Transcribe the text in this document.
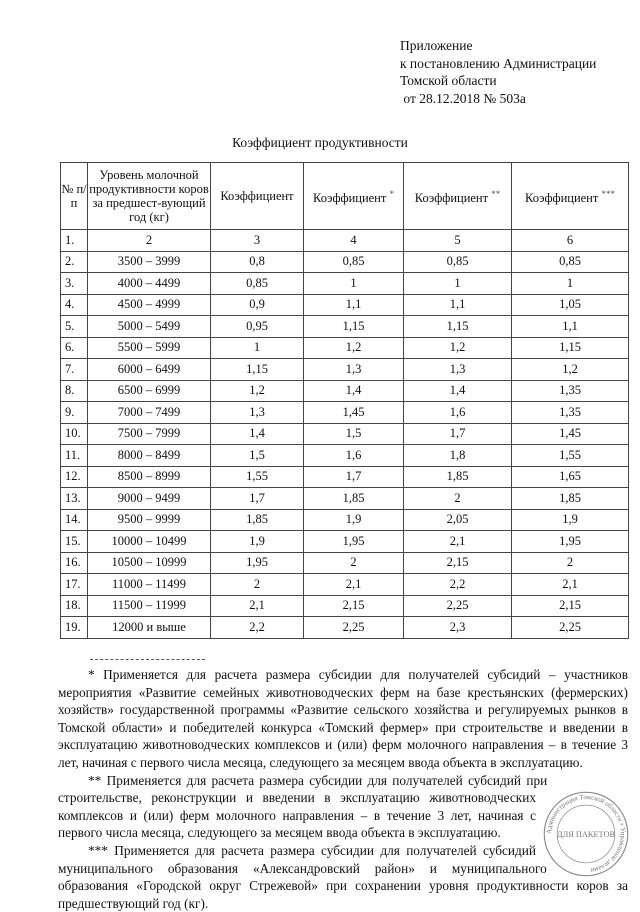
Приложение
к постановлению Администрации
Томской области
от 28.12.2018 № 503а
Коэффициент продуктивности
№ п/п	Уровень молочной продуктивности коров за предшест-вующий год (кг)	Коэффициент	Коэффициент *	Коэффициент **	Коэффициент ***
1.	2	3	4	5	6
2.	3500 – 3999	0,8	0,85	0,85	0,85
3.	4000 – 4499	0,85	1	1	1
4.	4500 – 4999	0,9	1,1	1,1	1,05
5.	5000 – 5499	0,95	1,15	1,15	1,1
6.	5500 – 5999	1	1,2	1,2	1,15
7.	6000 – 6499	1,15	1,3	1,3	1,2
8.	6500 – 6999	1,2	1,4	1,4	1,35
9.	7000 – 7499	1,3	1,45	1,6	1,35
10.	7500 – 7999	1,4	1,5	1,7	1,45
11.	8000 – 8499	1,5	1,6	1,8	1,55
12.	8500 – 8999	1,55	1,7	1,85	1,65
13.	9000 – 9499	1,7	1,85	2	1,85
14.	9500 – 9999	1,85	1,9	2,05	1,9
15.	10000 – 10499	1,9	1,95	2,1	1,95
16.	10500 – 10999	1,95	2	2,15	2
17.	11000 – 11499	2	2,1	2,2	2,1
18.	11500 – 11999	2,1	2,15	2,25	2,15
19.	12000 и выше	2,2	2,25	2,3	2,25

* Применяется для расчета размера субсидии для получателей субсидий – участников мероприятия «Развитие семейных животноводческих ферм на базе крестьянских (фермерских) хозяйств» государственной программы «Развитие сельского хозяйства и регулируемых рынков в Томской области» и победителей конкурса «Томский фермер» при строительстве и введении в эксплуатацию животноводческих комплексов и (или) ферм молочного направления – в течение 3 лет, начиная с первого числа месяца, следующего за месяцем ввода объекта в эксплуатацию.

Администрация Томской области • Управление делами
ДЛЯ ПАКЕТОВ

** Применяется для расчета размера субсидии для получателей субсидий при строительстве, реконструкции и введении в эксплуатацию животноводческих комплексов и (или) ферм молочного направления – в течение 3 лет, начиная с первого числа месяца, следующего за месяцем ввода объекта в эксплуатацию.

*** Применяется для расчета размера субсидии для получателей субсидий муниципального образования «Александровский район» и муниципального образования «Городской округ Стрежевой» при сохранении уровня продуктивности коров за предшествующий год (кг).
